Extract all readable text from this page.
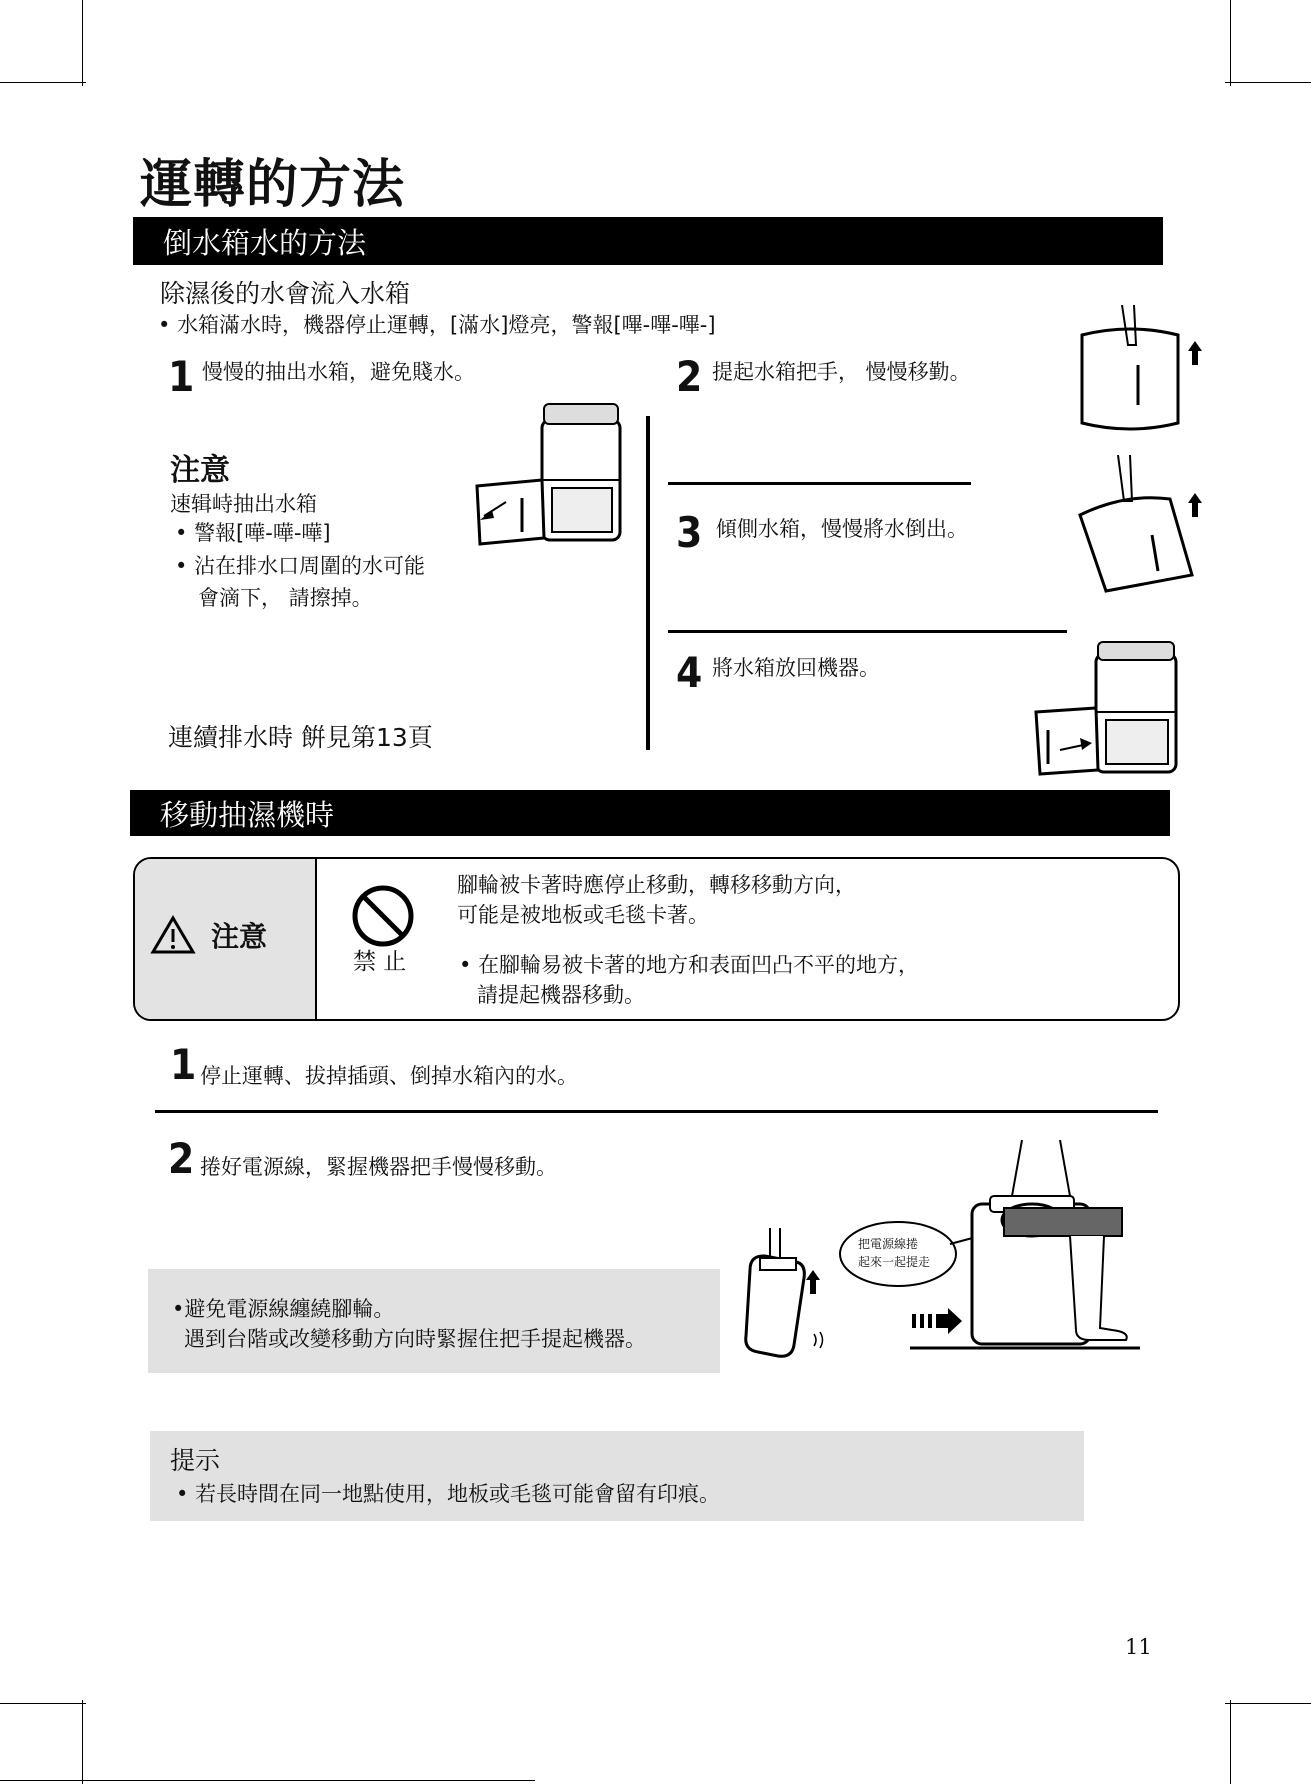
運轉的方法
倒水箱水的方法
除濕後的水會流入水箱
• 水箱滿水時，機器停止運轉，[滿水]燈亮，警報[嗶-嗶-嗶-]
1 慢慢的抽出水箱，避免賤水。
注意
速辑峙抽出水箱
• 警報[嘩-嘩-嘩]
• 沾在排水口周圍的水可能
會滴下， 請擦掉。
連續排水時 餠見第13頁
2 提起水箱把手， 慢慢移勤。
3 傾側水箱，慢慢將水倒出。
4 將水箱放回機器。
移動抽濕機時
注意
禁 止
腳輪被卡著時應停止移動，轉移移動方向，
可能是被地板或毛毯卡著。
• 在腳輪易被卡著的地方和表面凹凸不平的地方，
請提起機器移動。
1 停止運轉、拔掉插頭、倒掉水箱內的水。
2 捲好電源線，緊握機器把手慢慢移動。
•避免電源線纏繞腳輪。
遇到台階或改變移動方向時緊握住把手提起機器。
把電源線捲
起來一起提走
提示
• 若長時間在同一地點使用，地板或毛毯可能會留有印痕。
11
